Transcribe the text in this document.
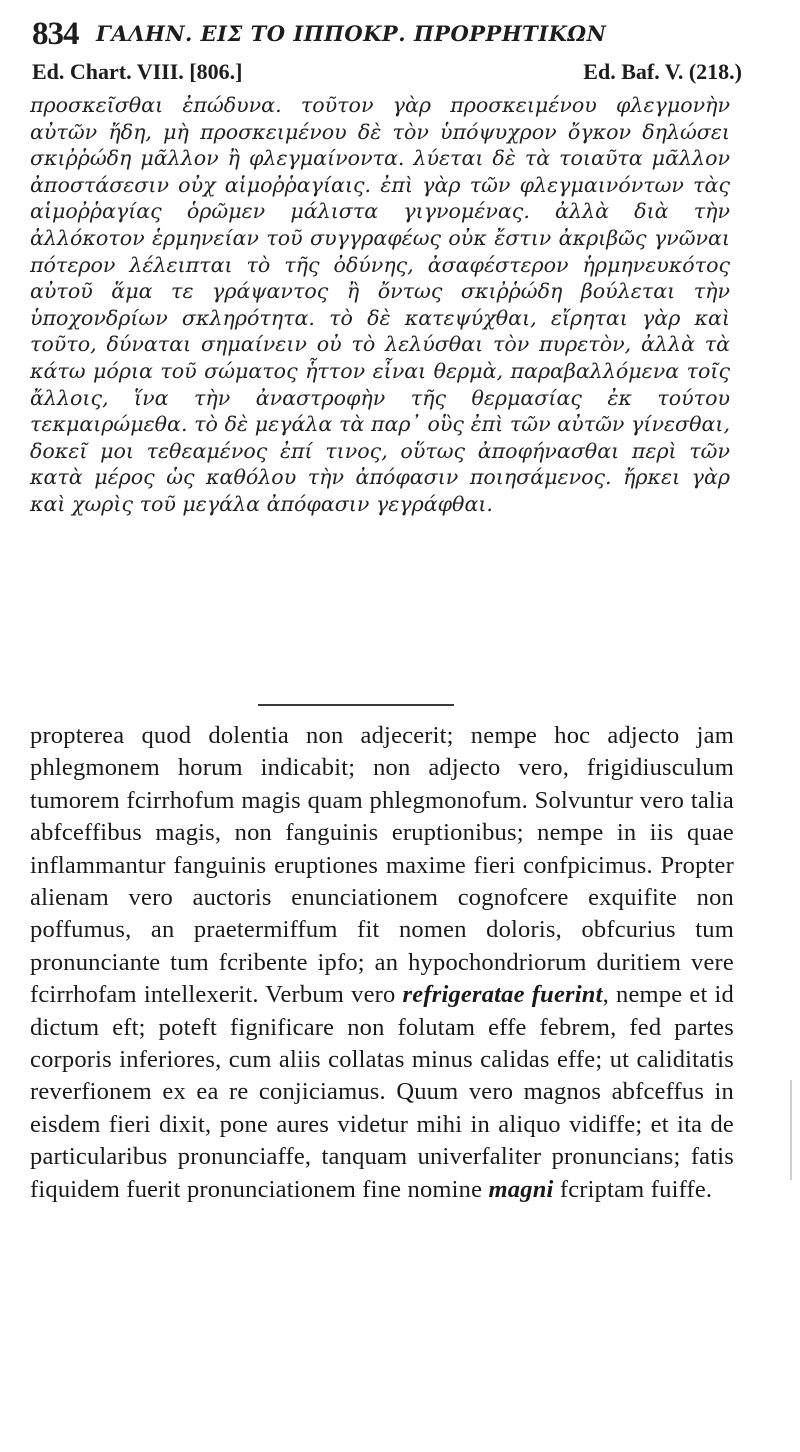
834 ΓΑΛΗΝ. ΕΙΣ ΤΟ ΙΠΠΟΚΡ. ΠΡΟΡΡΗΤΙΚΩΝ
Ed. Chart. VIII. [806.]	Ed. Baf. V. (218.)

προσκεῖσθαι ἐπώδυνα. τοῦτον γὰρ προσκειμένου φλεγμονὴν αὐτῶν ἤδη, μὴ προσκειμένου δὲ τὸν ὑπόψυχρον ὄγκον δηλώσει σκιῤῥώδη μᾶλλον ἢ φλεγμαίνοντα. λύεται δὲ τὰ τοιαῦτα μᾶλλον ἀποστάσεσιν οὐχ αἱμοῤῥαγίαις. ἐπὶ γὰρ τῶν φλεγμαινόντων τὰς αἱμοῤῥαγίας ὁρῶμεν μάλιστα γιγνομένας. ἀλλὰ διὰ τὴν ἀλλόκοτον ἑρμηνείαν τοῦ συγγραφέως οὐκ ἔστιν ἀκριβῶς γνῶναι πότερον λέλειπται τὸ τῆς ὀδύνης, ἀσαφέστερον ἡρμηνευκότος αὐτοῦ ἅμα τε γράψαντος ἢ ὄντως σκιῤῥώδη βούλεται τὴν ὑποχονδρίων σκληρότητα. τὸ δὲ κατεψύχθαι, εἴρηται γὰρ καὶ τοῦτο, δύναται σημαίνειν οὐ τὸ λελύσθαι τὸν πυρετὸν, ἀλλὰ τὰ κάτω μόρια τοῦ σώματος ἧττον εἶναι θερμὰ, παραβαλλόμενα τοῖς ἄλλοις, ἵνα τὴν ἀναστροφὴν τῆς θερμασίας ἐκ τούτου τεκμαιρώμεθα. τὸ δὲ μεγάλα τὰ παρ᾿ οὓς ἐπὶ τῶν αὐτῶν γίνεσθαι, δοκεῖ μοι τεθεαμένος ἐπί τινος, οὕτως ἀποφήνασθαι περὶ τῶν κατὰ μέρος ὡς καθόλου τὴν ἀπόφασιν ποιησάμενος. ἤρκει γὰρ καὶ χωρὶς τοῦ μεγάλα ἀπόφασιν γεγράφθαι.

propterea quod dolentia non adjecerit; nempe hoc adjecto jam phlegmonem horum indicabit; non adjecto vero, frigidiusculum tumorem fcirrhofum magis quam phlegmonofum. Solvuntur vero talia abfceffibus magis, non fanguinis eruptionibus; nempe in iis quae inflammantur fanguinis eruptiones maxime fieri confpicimus. Propter alienam vero auctoris enunciationem cognofcere exquifite non poffumus, an praetermiffum fit nomen doloris, obfcurius tum pronunciante tum fcribente ipfo; an hypochondriorum duritiem vere fcirrhofam intellexerit. Verbum vero refrigeratae fuerint, nempe et id dictum eft; poteft fignificare non folutam effe febrem, fed partes corporis inferiores, cum aliis collatas minus calidas effe; ut caliditatis reverfionem ex ea re conjiciamus. Quum vero magnos abfceffus in eisdem fieri dixit, pone aures videtur mihi in aliquo vidiffe; et ita de particularibus pronunciaffe, tanquam univerfaliter pronuncians; fatis fiquidem fuerit pronunciationem fine nomine magni fcriptam fuiffe.
